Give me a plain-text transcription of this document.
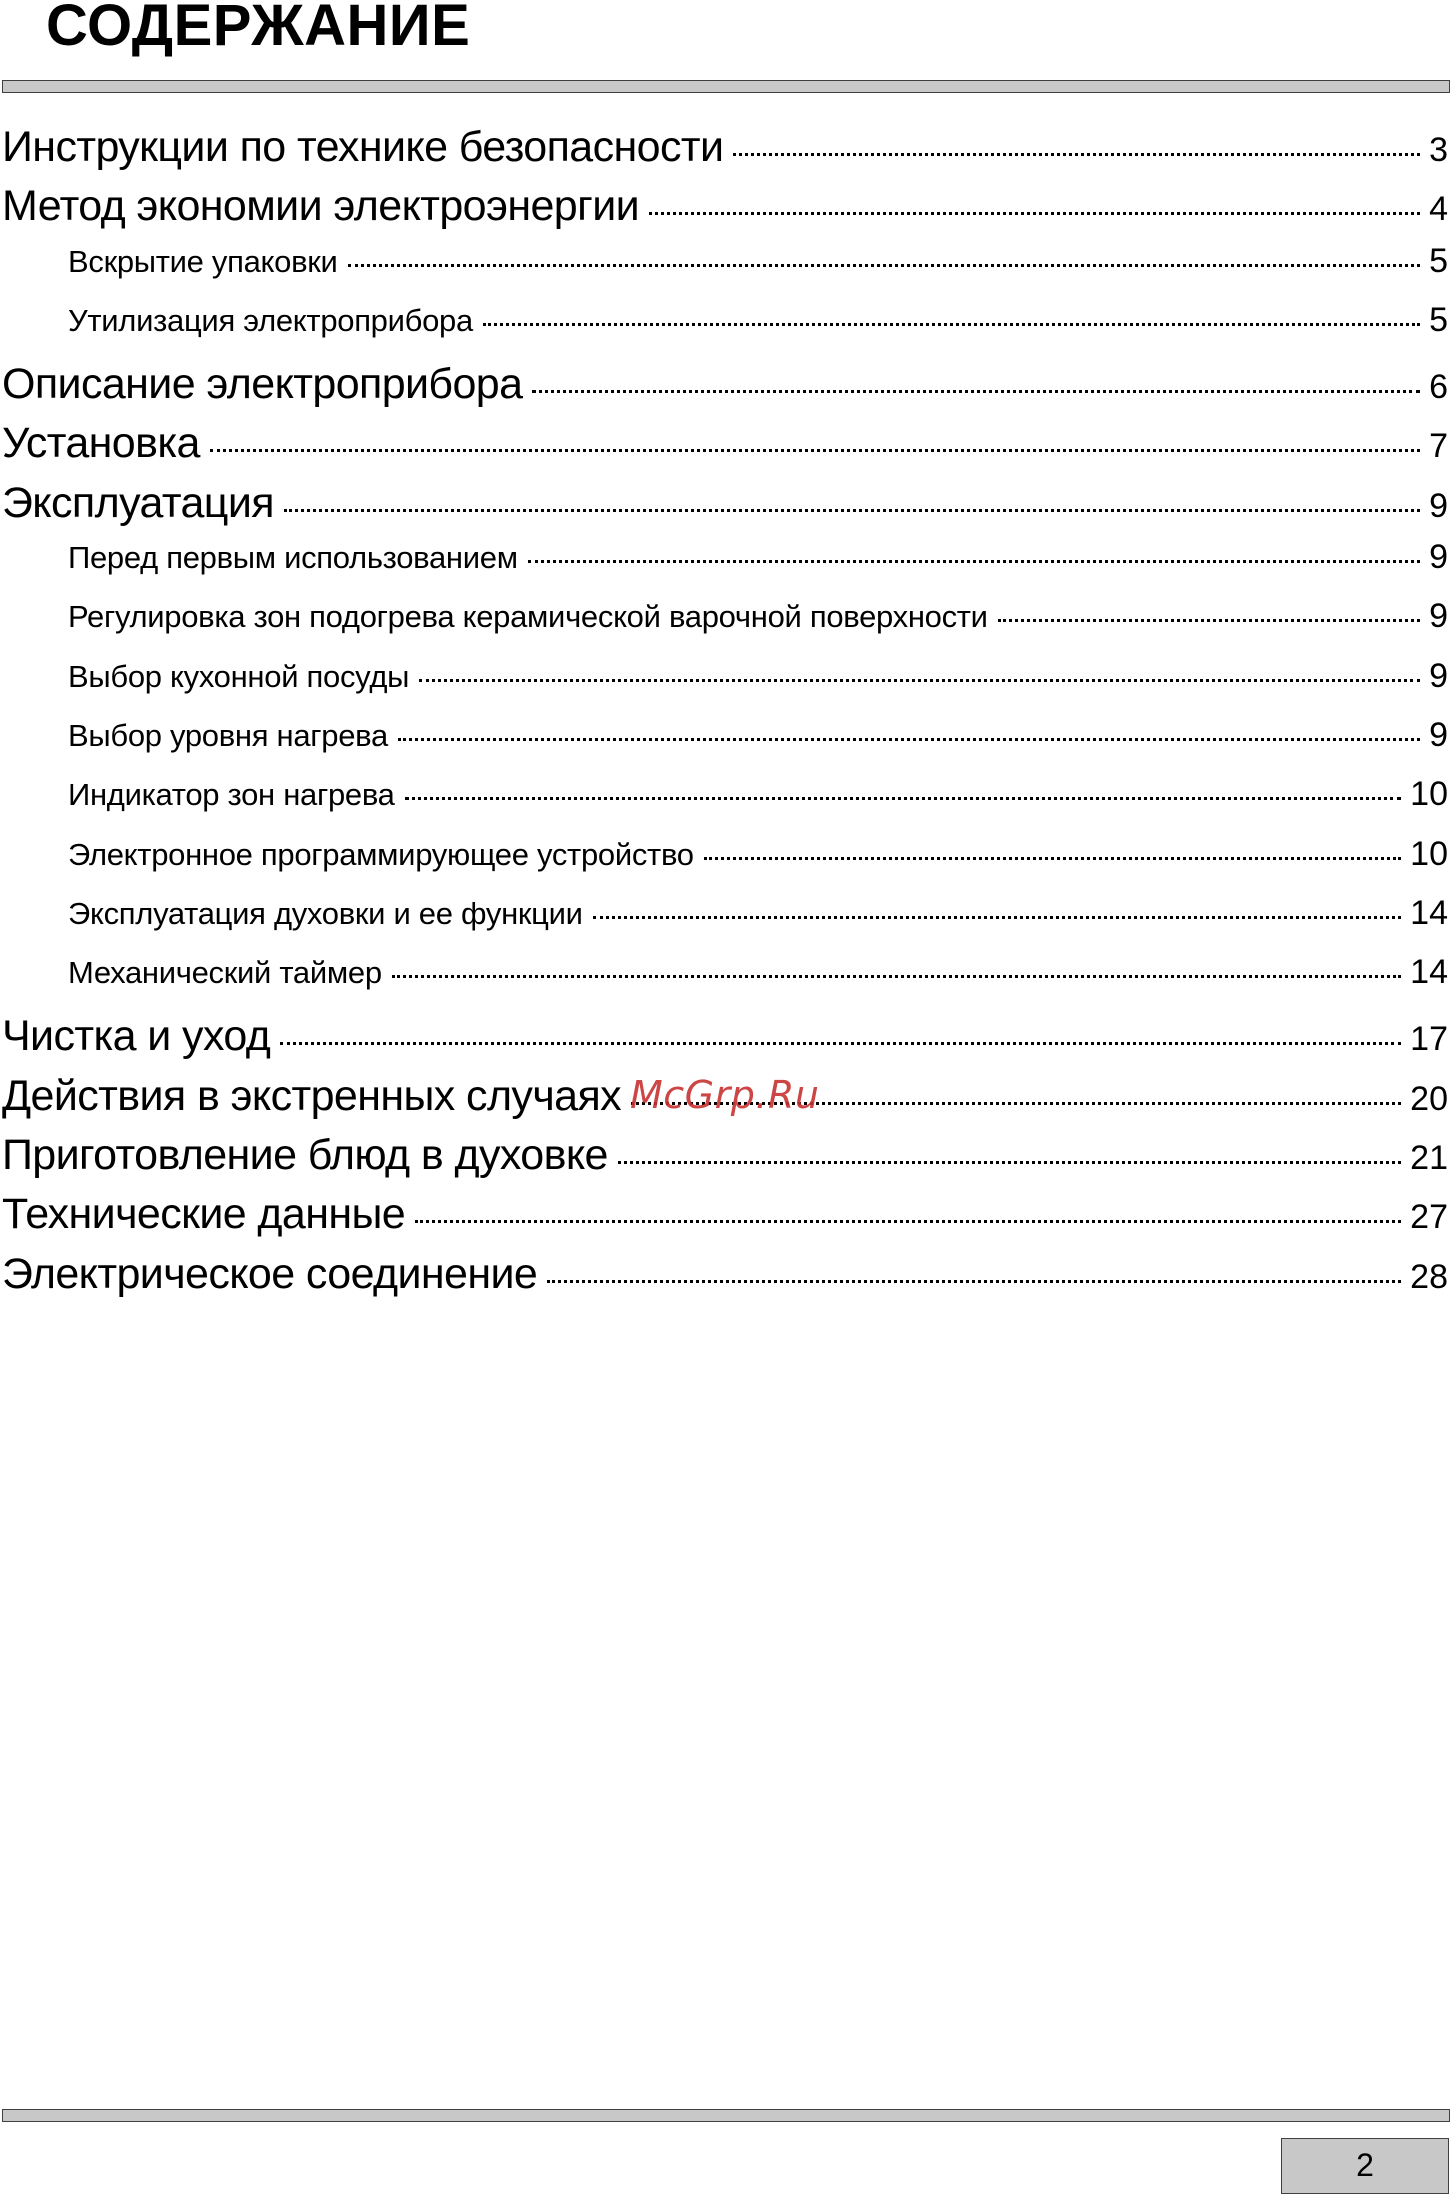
СОДЕРЖАНИЕ
Инструкции по технике безопасности	3
Метод экономии электроэнергии	4
Вскрытие упаковки	5
Утилизация электроприбора	5
Описание электроприбора	6
Установка	7
Эксплуатация	9
Перед первым использованием	9
Регулировка зон подогрева керамической варочной поверхности	9
Выбор кухонной посуды	9
Выбор уровня нагрева	9
Индикатор зон нагрева	10
Электронное программирующее устройство	10
Эксплуатация духовки и ее функции	14
Механический таймер	14
Чистка и уход	17
Действия в экстренных случаях	20
Приготовление блюд в духовке	21
Технические данные	27
Электрическое соединение	28
McGrp.Ru
2
